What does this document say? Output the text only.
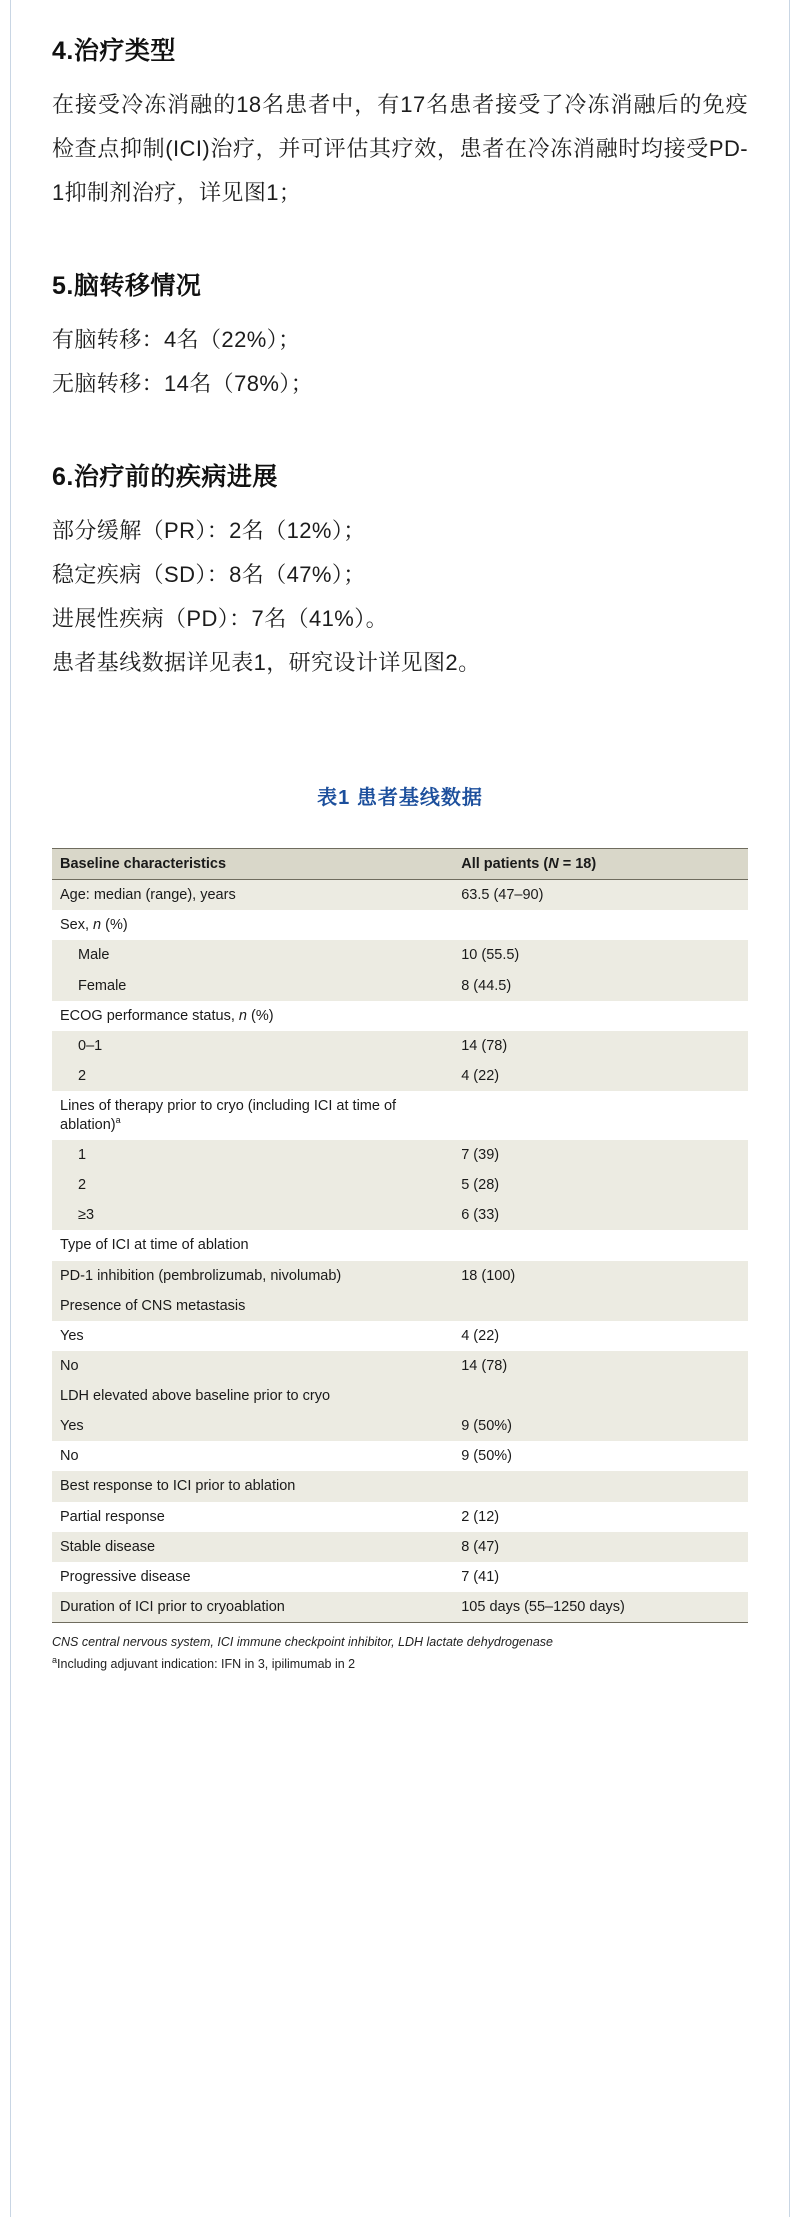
4.治疗类型

在接受冷冻消融的18名患者中，有17名患者接受了冷冻消融后的免疫检查点抑制(ICI)治疗，并可评估其疗效，患者在冷冻消融时均接受PD-1抑制剂治疗，详见图1；

5.脑转移情况

有脑转移：4名（22%）；

无脑转移：14名（78%）；

6.治疗前的疾病进展

部分缓解（PR）：2名（12%）；

稳定疾病（SD）：8名（47%）；

进展性疾病（PD）：7名（41%）。

患者基线数据详见表1，研究设计详见图2。

表1 患者基线数据
Baseline characteristics	All patients (N = 18)
Age: median (range), years	63.5 (47–90)
Sex, n (%)	
Male	10 (55.5)
Female	8 (44.5)
ECOG performance status, n (%)	
0–1	14 (78)
2	4 (22)
Lines of therapy prior to cryo (including ICI at time of ablation)$^a$	
1	7 (39)
2	5 (28)
≥3	6 (33)
Type of ICI at time of ablation	
PD-1 inhibition (pembrolizumab, nivolumab)	18 (100)
Presence of CNS metastasis	
Yes	4 (22)
No	14 (78)
LDH elevated above baseline prior to cryo	
Yes	9 (50%)
No	9 (50%)
Best response to ICI prior to ablation	
Partial response	2 (12)
Stable disease	8 (47)
Progressive disease	7 (41)
Duration of ICI prior to cryoablation	105 days (55–1250 days)

CNS central nervous system, ICI immune checkpoint inhibitor, LDH lactate dehydrogenase

$^a$Including adjuvant indication: IFN in 3, ipilimumab in 2
